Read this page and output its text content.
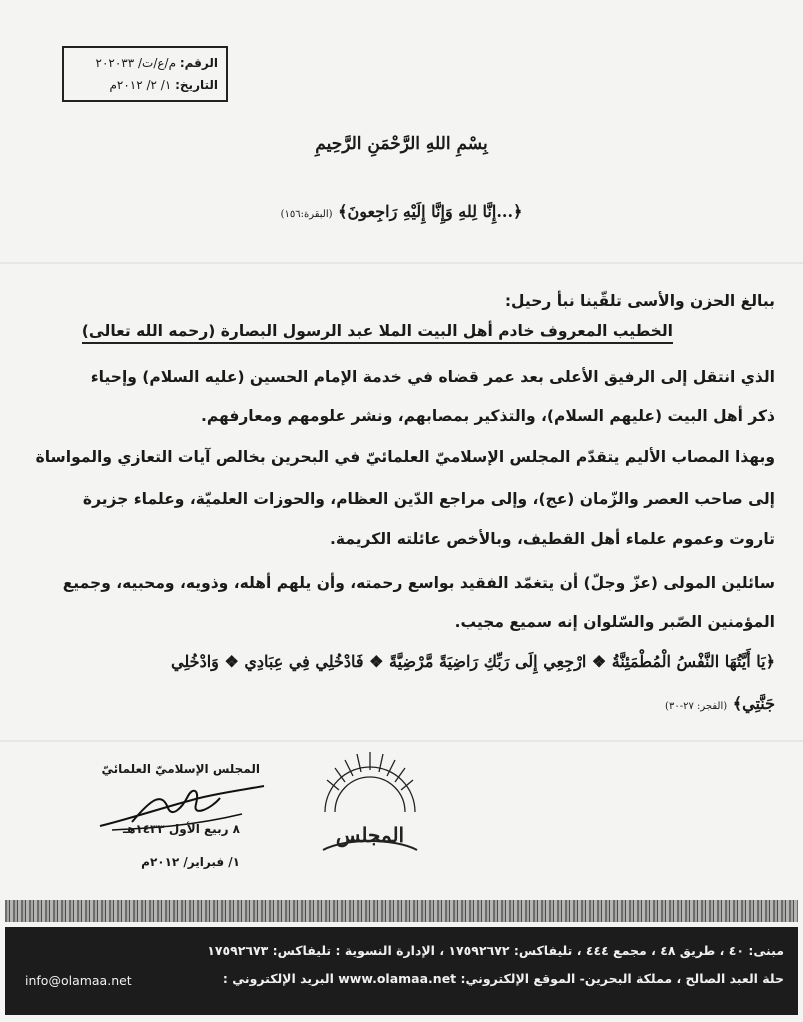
الرقم: م/ع/ت/ ٢٠٢٠٣٣
التاريخ: ١/ ٢/ ٢٠١٢م
بِسْمِ اللهِ الرَّحْمَنِ الرَّحِيمِ
﴿...إِنَّا لِلهِ وَإِنَّا إِلَيْهِ رَاجِعونَ﴾ (البقرة:١٥٦)
ببالغ الحزن والأسى تلقّينا نبأ رحيل:
الخطيب المعروف خادم أهل البيت الملا عبد الرسول البصارة (رحمه الله تعالى)
الذي انتقل إلى الرفيق الأعلى بعد عمر قضاه في خدمة الإمام الحسين (عليه السلام) وإحياء
ذكر أهل البيت (عليهم السلام)، والتذكير بمصابهم، ونشر علومهم ومعارفهم.
وبهذا المصاب الأليم يتقدّم المجلس الإسلاميّ العلمائيّ في البحرين بخالص آيات التعازي والمواساة
إلى صاحب العصر والزّمان (عج)، وإلى مراجع الدّين العظام، والحوزات العلميّة، وعلماء جزيرة
تاروت وعموم علماء أهل القطيف، وبالأخص عائلته الكريمة.
سائلين المولى (عزّ وجلّ) أن يتغمّد الفقيد بواسع رحمته، وأن يلهم أهله، وذويه، ومحبيه، وجميع
المؤمنين الصّبر والسّلوان إنه سميع مجيب.
﴿يَا أَيَّتُهَا النَّفْسُ الْمُطْمَئِنَّةُ ❖ ارْجِعِي إِلَى رَبِّكِ رَاضِيَةً مَّرْضِيَّةً ❖ فَادْخُلِي فِي عِبَادِي ❖ وَادْخُلِي
جَنَّتِي﴾ (الفجر: ٢٧-٣٠)
المجلس الإسلاميّ العلمائيّ
٨ ربيع الأول ١٤٣٣هـ
١/ فبراير/ ٢٠١٢م
المجلس
مبنى: ٤٠ ، طريق ٤٨ ، مجمع ٤٤٤ ، تليفاكس: ١٧٥٩٢٦٧٢ ، الإدارة النسوية : تليفاكس: ١٧٥٩٢٦٧٣
حلة العبد الصالح ، مملكة البحرين- الموقع الإلكتروني: www.olamaa.net البريد الإلكتروني :
info@olamaa.net
